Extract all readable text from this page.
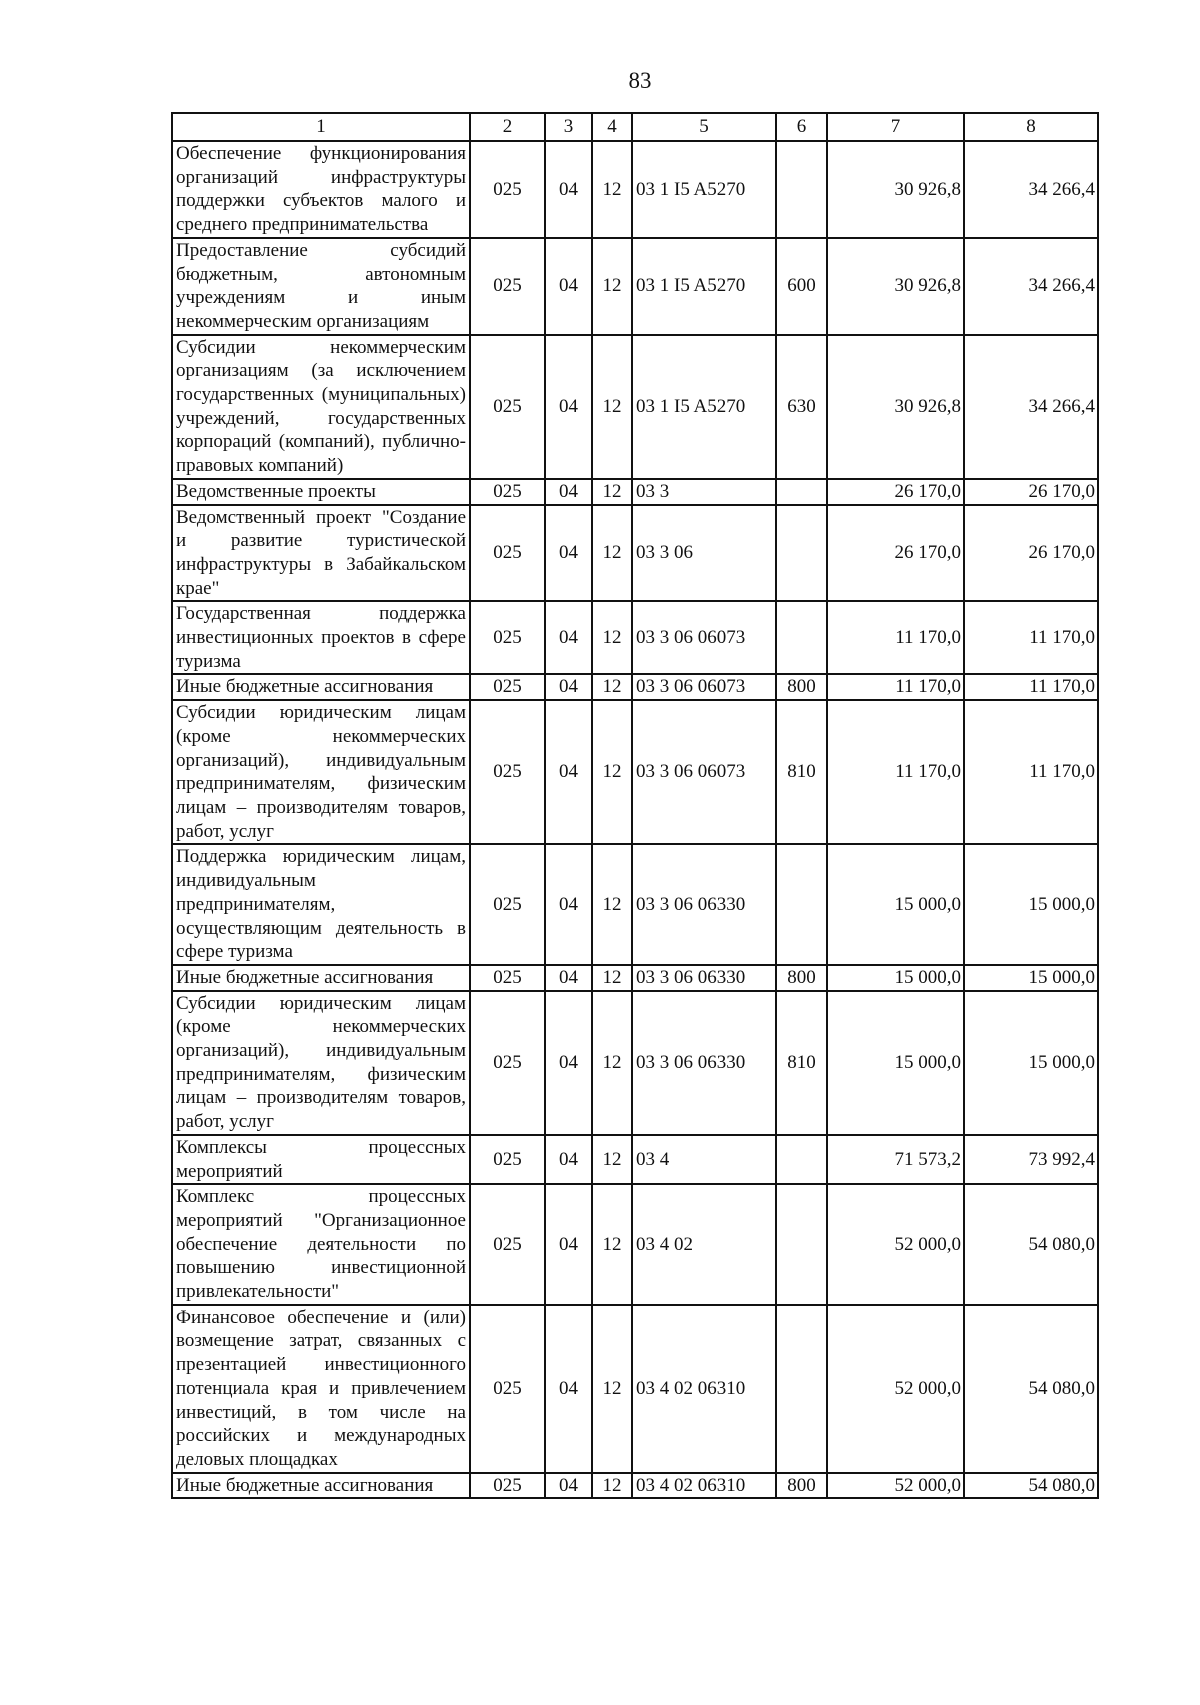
83
1	2	3	4	5	6	7	8
Обеспечение функционирования организаций инфраструктуры поддержки субъектов малого и среднего предпринимательства	025	04	12	03 1 I5 A5270		30 926,8	34 266,4
Предоставление субсидий бюджетным, автономным учреждениям и иным некоммерческим организациям	025	04	12	03 1 I5 A5270	600	30 926,8	34 266,4
Субсидии некоммерческим организациям (за исключением государственных (муниципальных) учреждений, государственных корпораций (компаний), публично-правовых компаний)	025	04	12	03 1 I5 A5270	630	30 926,8	34 266,4
Ведомственные проекты	025	04	12	03 3		26 170,0	26 170,0
Ведомственный проект "Создание и развитие туристической инфраструктуры в Забайкальском крае"	025	04	12	03 3 06		26 170,0	26 170,0
Государственная поддержка инвестиционных проектов в сфере туризма	025	04	12	03 3 06 06073		11 170,0	11 170,0
Иные бюджетные ассигнования	025	04	12	03 3 06 06073	800	11 170,0	11 170,0
Субсидии юридическим лицам (кроме некоммерческих организаций), индивидуальным предпринимателям, физическим лицам – производителям товаров, работ, услуг	025	04	12	03 3 06 06073	810	11 170,0	11 170,0
Поддержка юридическим лицам, индивидуальным предпринимателям, осуществляющим деятельность в сфере туризма	025	04	12	03 3 06 06330		15 000,0	15 000,0
Иные бюджетные ассигнования	025	04	12	03 3 06 06330	800	15 000,0	15 000,0
Субсидии юридическим лицам (кроме некоммерческих организаций), индивидуальным предпринимателям, физическим лицам – производителям товаров, работ, услуг	025	04	12	03 3 06 06330	810	15 000,0	15 000,0
Комплексы процессных мероприятий	025	04	12	03 4		71 573,2	73 992,4
Комплекс процессных мероприятий "Организационное обеспечение деятельности по повышению инвестиционной привлекательности"	025	04	12	03 4 02		52 000,0	54 080,0
Финансовое обеспечение и (или) возмещение затрат, связанных с презентацией инвестиционного потенциала края и привлечением инвестиций, в том числе на российских и международных деловых площадках	025	04	12	03 4 02 06310		52 000,0	54 080,0
Иные бюджетные ассигнования	025	04	12	03 4 02 06310	800	52 000,0	54 080,0
